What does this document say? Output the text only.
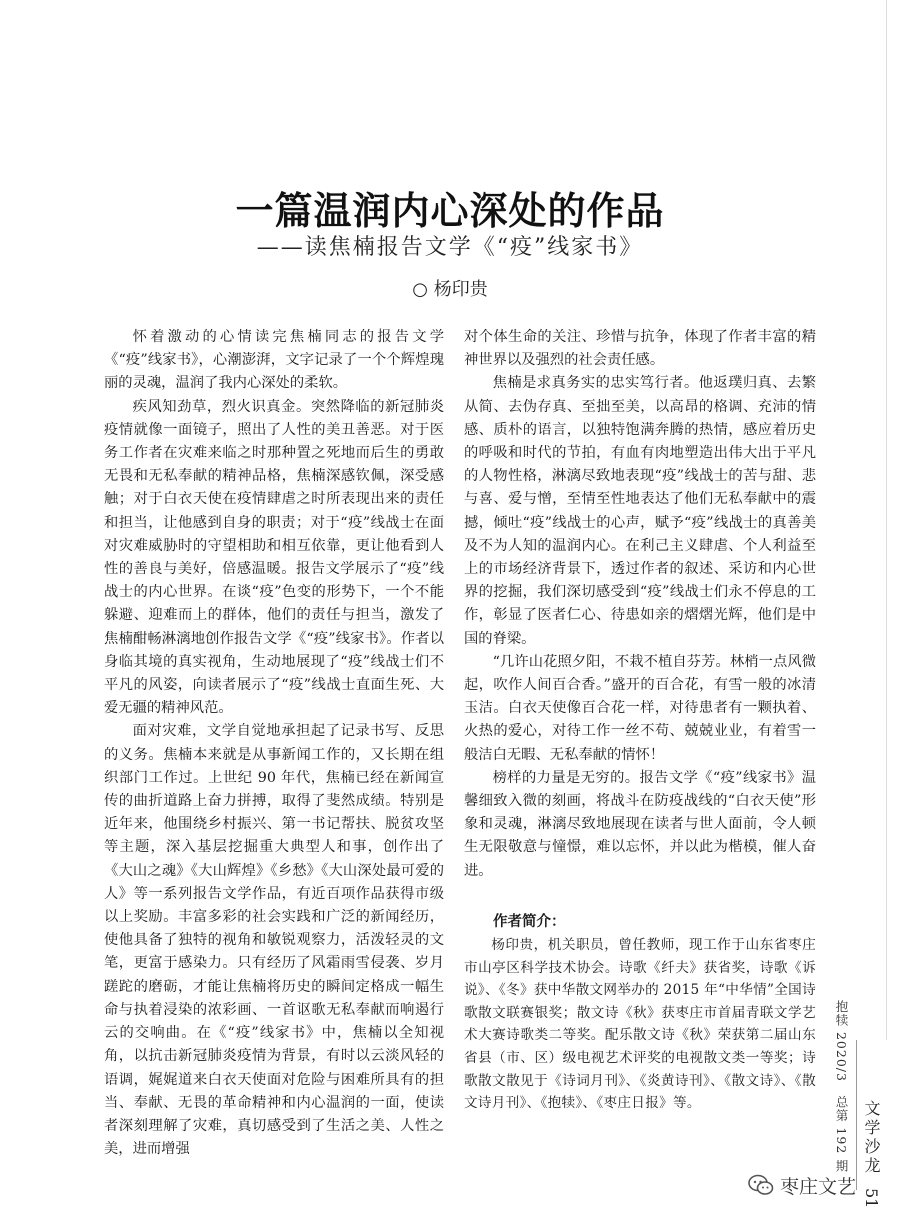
一篇温润内心深处的作品
——读焦楠报告文学《“疫”线家书》
○ 杨印贵

怀着激动的心情读完焦楠同志的报告文学《“疫”线家书》，心潮澎湃，文字记录了一个个辉煌瑰丽的灵魂，温润了我内心深处的柔软。

疾风知劲草，烈火识真金。突然降临的新冠肺炎疫情就像一面镜子，照出了人性的美丑善恶。对于医务工作者在灾难来临之时那种置之死地而后生的勇敢无畏和无私奉献的精神品格，焦楠深感钦佩，深受感触；对于白衣天使在疫情肆虐之时所表现出来的责任和担当，让他感到自身的职责；对于“疫”线战士在面对灾难威胁时的守望相助和相互依靠，更让他看到人性的善良与美好，倍感温暖。报告文学展示了“疫”线战士的内心世界。在谈“疫”色变的形势下，一个不能躲避、迎难而上的群体，他们的责任与担当，激发了焦楠酣畅淋漓地创作报告文学《“疫”线家书》。作者以身临其境的真实视角，生动地展现了“疫”线战士们不平凡的风姿，向读者展示了“疫”线战士直面生死、大爱无疆的精神风范。

面对灾难，文学自觉地承担起了记录书写、反思的义务。焦楠本来就是从事新闻工作的，又长期在组织部门工作过。上世纪 90 年代，焦楠已经在新闻宣传的曲折道路上奋力拼搏，取得了斐然成绩。特别是近年来，他围绕乡村振兴、第一书记帮扶、脱贫攻坚等主题，深入基层挖掘重大典型人和事，创作出了《大山之魂》《大山辉煌》《乡愁》《大山深处最可爱的人》等一系列报告文学作品，有近百项作品获得市级以上奖励。丰富多彩的社会实践和广泛的新闻经历，使他具备了独特的视角和敏锐观察力，活泼轻灵的文笔，更富于感染力。只有经历了风霜雨雪侵袭、岁月蹉跎的磨砺，才能让焦楠将历史的瞬间定格成一幅生命与执着浸染的浓彩画、一首讴歌无私奉献而响遏行云的交响曲。在《“疫”线家书》中，焦楠以全知视角，以抗击新冠肺炎疫情为背景，有时以云淡风轻的语调，娓娓道来白衣天使面对危险与困难所具有的担当、奉献、无畏的革命精神和内心温润的一面，使读者深刻理解了灾难，真切感受到了生活之美、人性之美，进而增强

对个体生命的关注、珍惜与抗争，体现了作者丰富的精神世界以及强烈的社会责任感。

焦楠是求真务实的忠实笃行者。他返璞归真、去繁从简、去伪存真、至拙至美，以高昂的格调、充沛的情感、质朴的语言，以独特饱满奔腾的热情，感应着历史的呼吸和时代的节拍，有血有肉地塑造出伟大出于平凡的人物性格，淋漓尽致地表现“疫”线战士的苦与甜、悲与喜、爱与憎，至情至性地表达了他们无私奉献中的震撼，倾吐“疫”线战士的心声，赋予“疫”线战士的真善美及不为人知的温润内心。在利己主义肆虐、个人利益至上的市场经济背景下，透过作者的叙述、采访和内心世界的挖掘，我们深切感受到“疫”线战士们永不停息的工作，彰显了医者仁心、待患如亲的熠熠光辉，他们是中国的脊梁。

“几许山花照夕阳，不栽不植自芬芳。林梢一点风微起，吹作人间百合香。”盛开的百合花，有雪一般的冰清玉洁。白衣天使像百合花一样，对待患者有一颗执着、火热的爱心，对待工作一丝不苟、兢兢业业，有着雪一般洁白无暇、无私奉献的情怀！

榜样的力量是无穷的。报告文学《“疫”线家书》温馨细致入微的刻画，将战斗在防疫战线的“白衣天使”形象和灵魂，淋漓尽致地展现在读者与世人面前，令人顿生无限敬意与憧憬，难以忘怀，并以此为楷模，催人奋进。

作者简介：

杨印贵，机关职员，曾任教师，现工作于山东省枣庄市山亭区科学技术协会。诗歌《纤夫》获省奖，诗歌《诉说》、《冬》获中华散文网举办的 2015 年“中华情”全国诗歌散文联赛银奖；散文诗《秋》获枣庄市首届青联文学艺术大赛诗歌类二等奖。配乐散文诗《秋》荣获第二届山东省县（市、区）级电视艺术评奖的电视散文类一等奖；诗歌散文散见于《诗词月刊》、《炎黄诗刊》、《散文诗》、《散文诗月刊》、《抱犊》、《枣庄日报》等。	抱犊 2020/3　总第 192 期 文学沙龙
51
枣庄文艺
